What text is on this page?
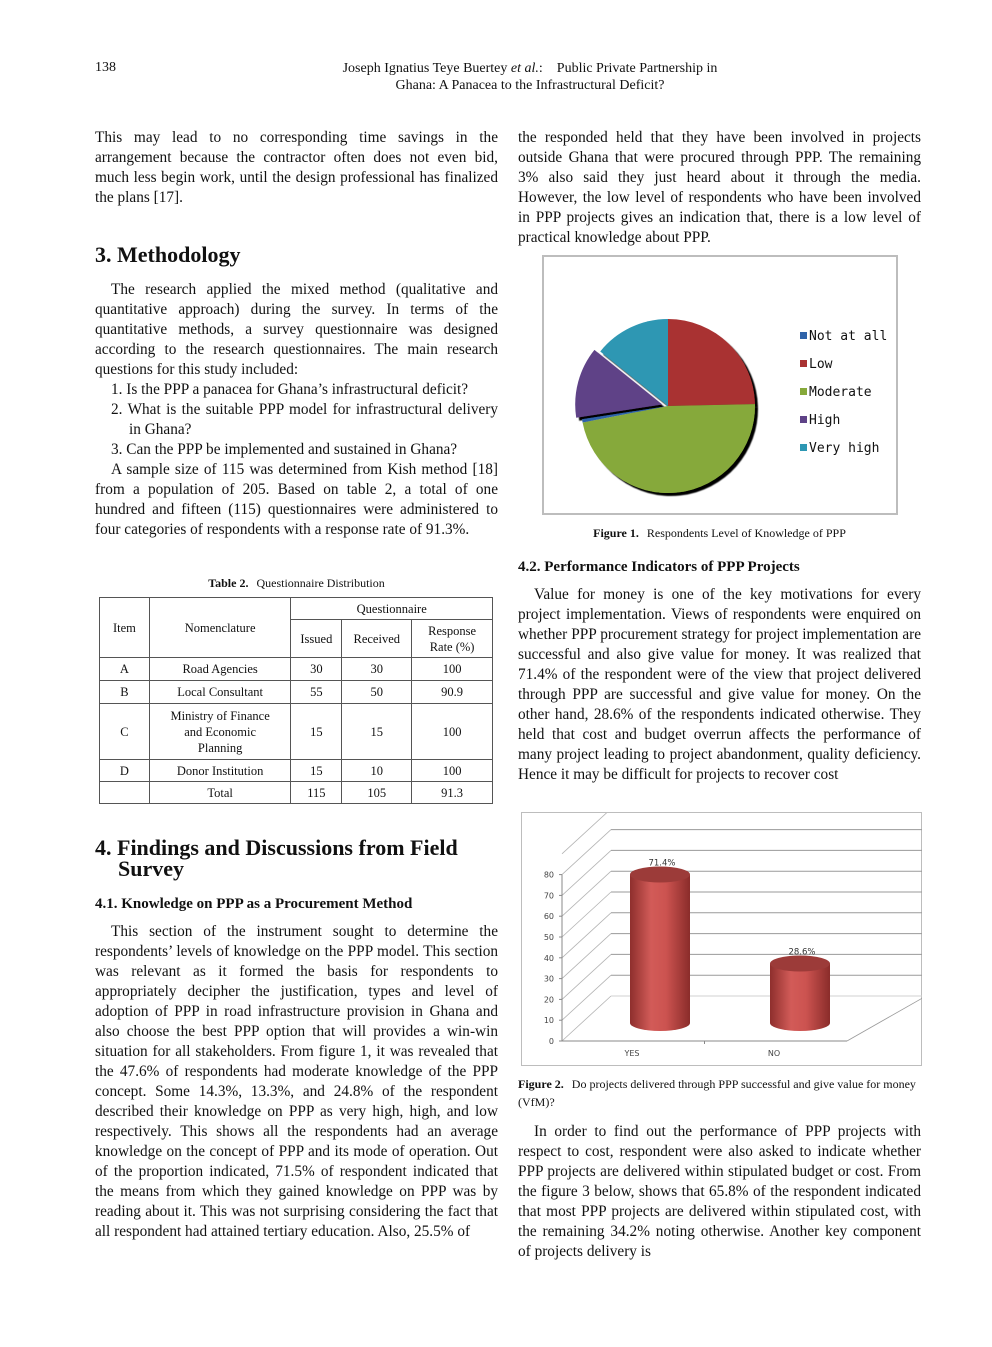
138	Joseph Ignatius Teye Buertey et al.:    Public Private Partnership in
Ghana: A Panacea to the Infrastructural Deficit?

This may lead to no corresponding time savings in the arrangement because the contractor often does not even bid, much less begin work, until the design professional has finalized the plans [17].

3. Methodology

The research applied the mixed method (qualitative and quantitative approach) during the survey. In terms of the quantitative methods, a survey questionnaire was designed according to the research questionnaires. The main research questions for this study included:

1. Is the PPP a panacea for Ghana’s infrastructural deficit?
2. What is the suitable PPP model for infrastructural delivery in Ghana?
3. Can the PPP be implemented and sustained in Ghana?

A sample size of 115 was determined from Kish method [18] from a population of 205. Based on table 2, a total of one hundred and fifteen (115) questionnaires were administered to four categories of respondents with a response rate of 91.3%.

Table 2. Questionnaire Distribution
Item	Nomenclature	Questionnaire		
		Issued	Received	Response Rate (%)
A	Road Agencies	30	30	100
B	Local Consultant	55	50	90.9
C	Ministry of Finance and Economic Planning	15	15	100
D	Donor Institution	15	10	100
	Total	115	105	91.3
4. Findings and Discussions from Field
Survey
4.1. Knowledge on PPP as a Procurement Method

This section of the instrument sought to determine the respondents’ levels of knowledge on the PPP model. This section was relevant as it formed the basis for respondents to appropriately decipher the justification, types and level of adoption of PPP in road infrastructure provision in Ghana and also choose the best PPP option that will provides a win-win situation for all stakeholders. From figure 1, it was revealed that the 47.6% of respondents had moderate knowledge of the PPP concept. Some 14.3%, 13.3%, and 24.8% of the respondent described their knowledge on PPP as very high, high, and low respectively. This shows all the respondents had an average knowledge on the concept of PPP and its mode of operation. Out of the proportion indicated, 71.5% of respondent indicated that the means from which they gained knowledge on PPP was by reading about it. This was not surprising considering the fact that all respondent had attained tertiary education. Also, 25.5% of

the responded held that they have been involved in projects outside Ghana that were procured through PPP. The remaining 3% also said they just heard about it through the media. However, the low level of respondents who have been involved in PPP projects gives an indication that, there is a low level of practical knowledge about PPP.

Not at all
Low
Moderate
High
Very high
Figure 1. Respondents Level of Knowledge of PPP
4.2. Performance Indicators of PPP Projects

Value for money is one of the key motivations for every project implementation. Views of respondents were enquired on whether PPP procurement strategy for project implementation are successful and also give value for money. It was realized that 71.4% of the respondent were of the view that project delivered through PPP are successful and give value for money. On the other hand, 28.6% of the respondents indicated otherwise. They held that cost and budget overrun affects the performance of many project leading to project abandonment, quality deficiency. Hence it may be difficult for projects to recover cost

0
10
20
30
40
50
60
70
80
YES	NO
71.4%
28.6%
Figure 2. Do projects delivered through PPP successful and give value for money (VfM)?

In order to find out the performance of PPP projects with respect to cost, respondent were also asked to indicate whether PPP projects are delivered within stipulated budget or cost. From the figure 3 below, shows that 65.8% of the respondent indicated that most PPP projects are delivered within stipulated cost, with the remaining 34.2% noting otherwise. Another key component of projects delivery is
